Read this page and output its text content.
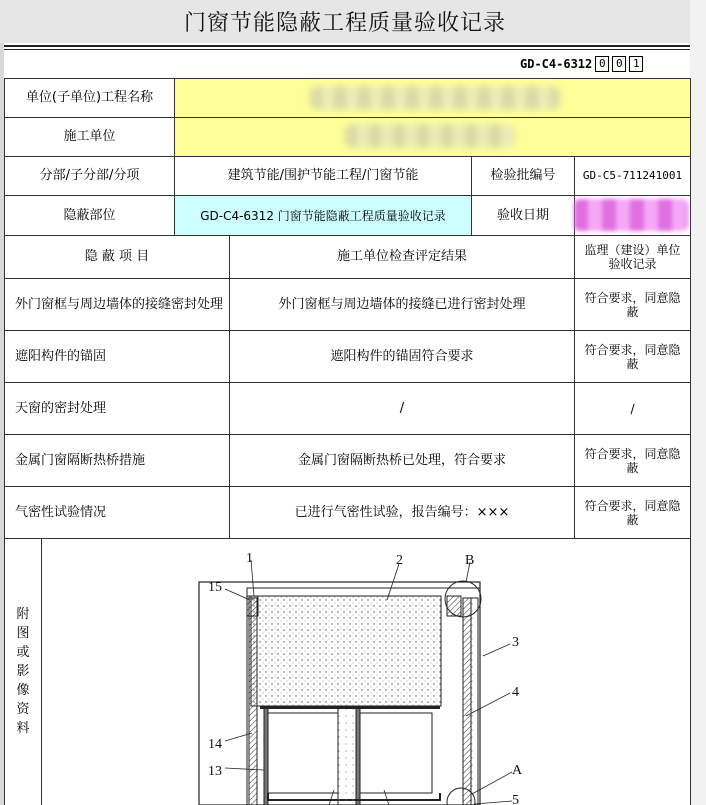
门窗节能隐蔽工程质量验收记录
GD-C4-6312 0 0 1
单位(子单位)工程名称
施工单位
分部/子分部/分项	建筑节能/围护节能工程/门窗节能	检验批编号	GD-C5-711241001
隐蔽部位	GD-C4-6312 门窗节能隐蔽工程质量验收记录	验收日期
隐 蔽 项 目	施工单位检查评定结果	监理（建设）单位验收记录
外门窗框与周边墙体的接缝密封处理	外门窗框与周边墙体的接缝已进行密封处理	符合要求，同意隐蔽
遮阳构件的锚固	遮阳构件的锚固符合要求	符合要求，同意隐蔽
天窗的密封处理	/	/
金属门窗隔断热桥措施	金属门窗隔断热桥已处理，符合要求	符合要求，同意隐蔽
气密性试验情况	已进行气密性试验，报告编号：×××	符合要求，同意隐蔽
附
图
或
影
像
资
料
1	2	B
15
3
4
14
13	A
5
